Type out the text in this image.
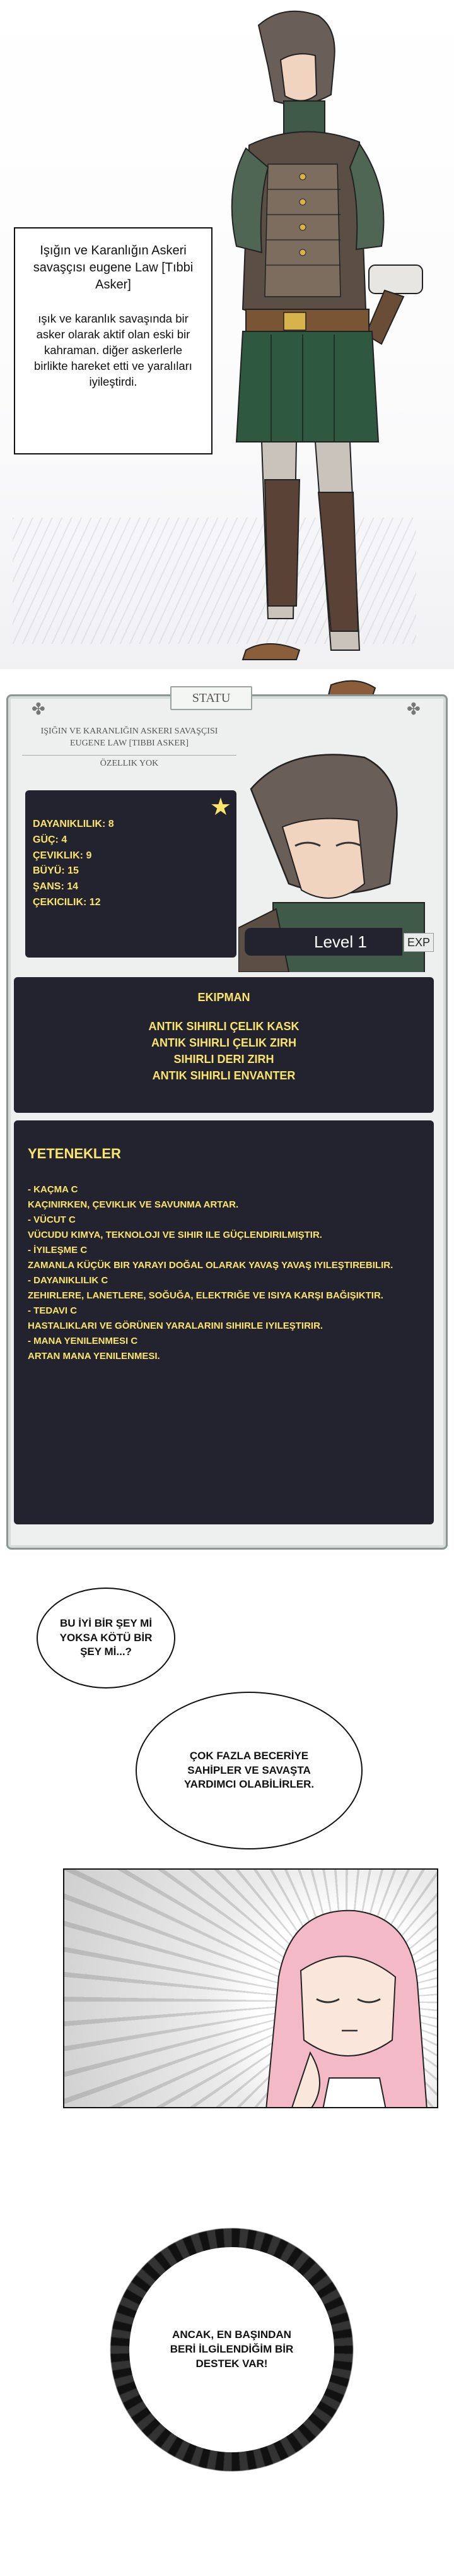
Işığın ve Karanlığın Askeri savaşçısı eugene Law [Tıbbi Asker]
ışık ve karanlık savaşında bir asker olarak aktif olan eski bir kahraman. diğer askerlerle birlikte hareket etti ve yaralıları iyileştirdi.
STATU
✤	✤
IŞIĞIN VE KARANLIĞIN ASKERI SAVAŞÇISI
EUGENE LAW [TIBBI ASKER]
ÖZELLIK YOK
★
DAYANIKLILIK: 8
GÜÇ: 4
ÇEVIKLIK: 9
BÜYÜ: 15
ŞANS: 14
ÇEKICILIK: 12
Level 1	EXP
EKIPMAN
ANTIK SIHIRLI ÇELIK KASK
ANTIK SIHIRLI ÇELIK ZIRH
SIHIRLI DERI ZIRH
ANTIK SIHIRLI ENVANTER
YETENEKLER
- KAÇMA C
KAÇINIRKEN, ÇEVIKLIK VE SAVUNMA ARTAR.
- VÜCUT C
VÜCUDU KIMYA, TEKNOLOJI VE SIHIR ILE GÜÇLENDIRILMIŞTIR.
- İYILEŞME C
ZAMANLA KÜÇÜK BIR YARAYI DOĞAL OLARAK YAVAŞ YAVAŞ IYILEŞTIREBILIR.
- DAYANIKLILIK C
ZEHIRLERE, LANETLERE, SOĞUĞA, ELEKTRIĞE VE ISIYA KARŞI BAĞIŞIKTIR.
- TEDAVI C
HASTALIKLARI VE GÖRÜNEN YARALARINI SIHIRLE IYILEŞTIRIR.
- MANA YENILENMESI C
ARTAN MANA YENILENMESI.
BU İYİ BİR ŞEY Mİ YOKSA KÖTÜ BİR ŞEY Mİ...?
ÇOK FAZLA BECERİYE SAHİPLER VE SAVAŞTA YARDIMCI OLABİLİRLER.
ANCAK, EN BAŞINDAN BERİ İLGİLENDİĞİM BİR DESTEK VAR!
